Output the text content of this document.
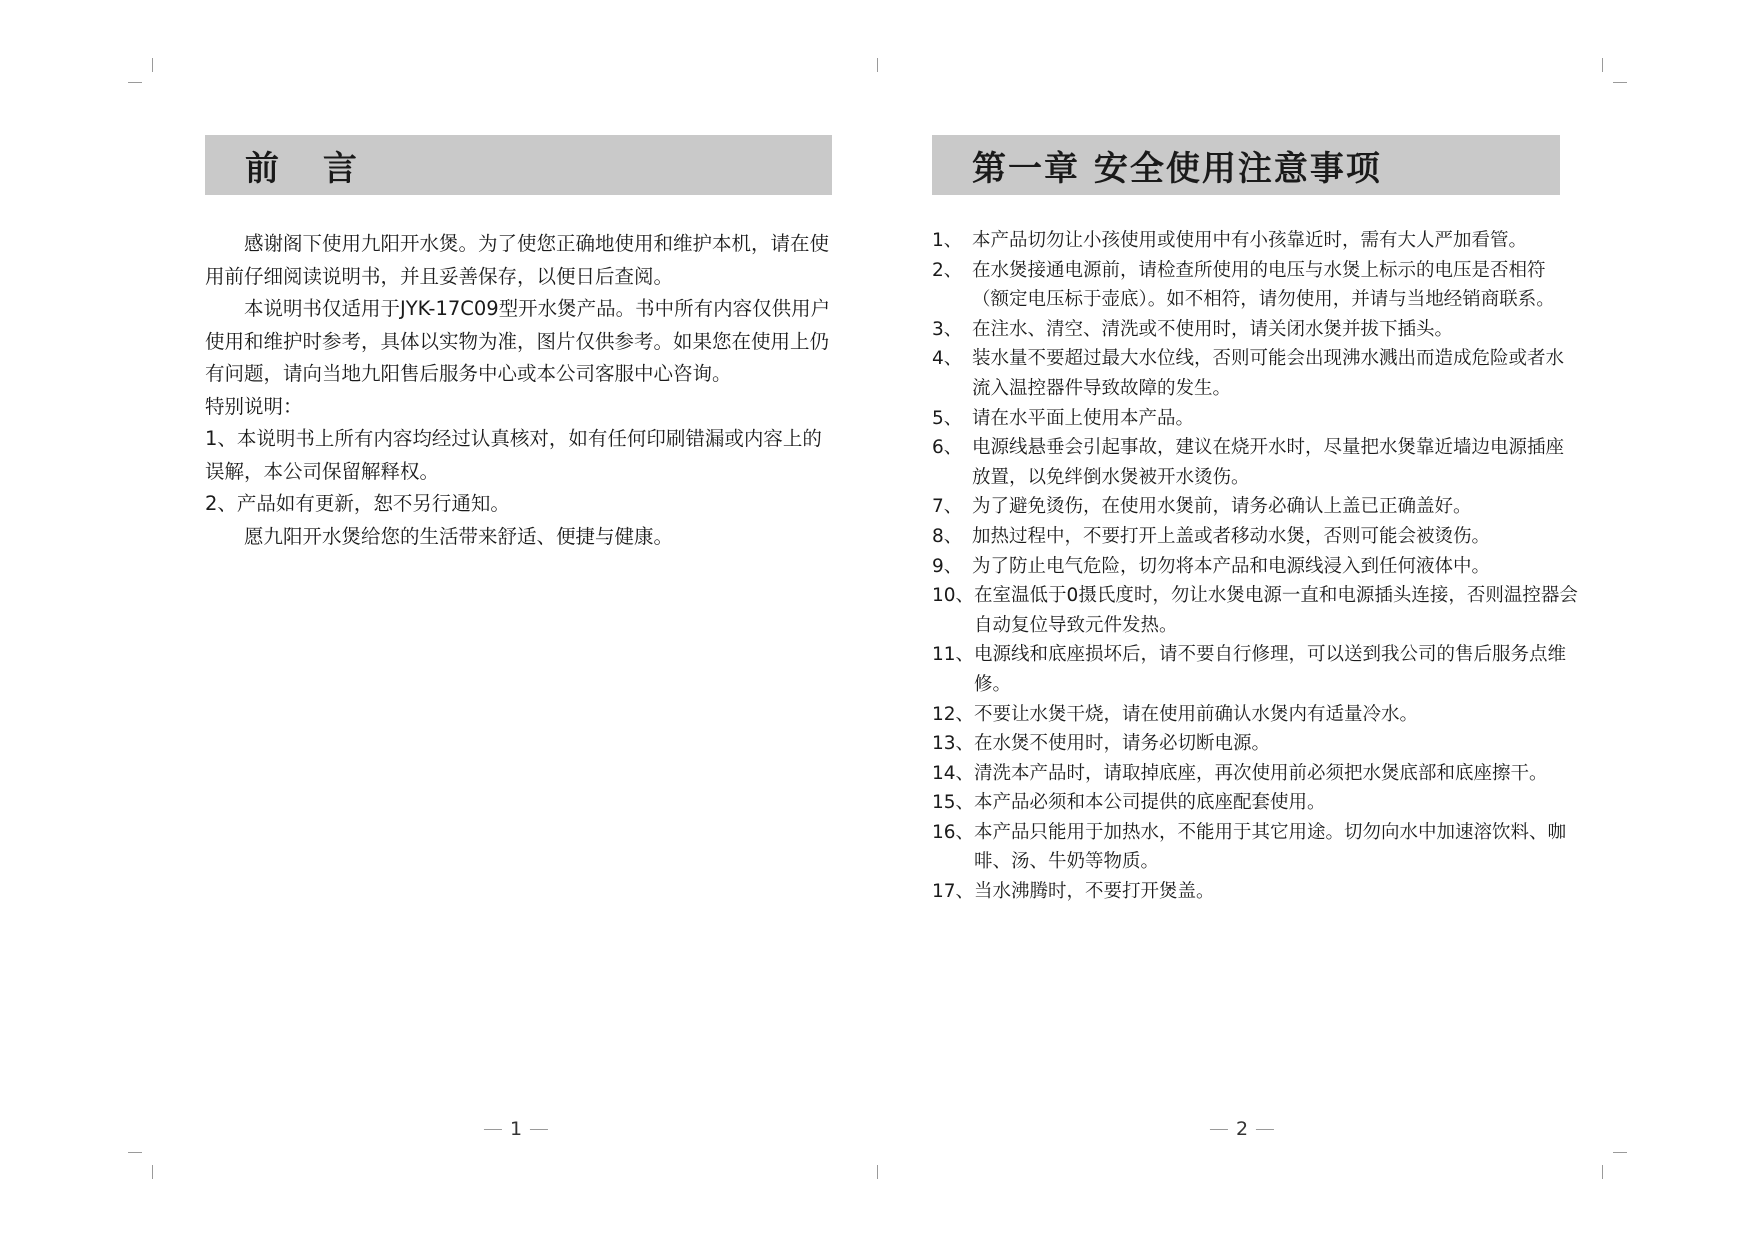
前 言

感谢阁下使用九阳开水煲。为了使您正确地使用和维护本机，请在使用前仔细阅读说明书，并且妥善保存，以便日后查阅。

本说明书仅适用于JYK-17C09型开水煲产品。书中所有内容仅供用户使用和维护时参考，具体以实物为准，图片仅供参考。如果您在使用上仍有问题，请向当地九阳售后服务中心或本公司客服中心咨询。

特别说明：

1、本说明书上所有内容均经过认真核对，如有任何印刷错漏或内容上的误解，本公司保留解释权。

2、产品如有更新，恕不另行通知。

愿九阳开水煲给您的生活带来舒适、便捷与健康。

1
第一章 安全使用注意事项
1、 本产品切勿让小孩使用或使用中有小孩靠近时，需有大人严加看管。
2、 在水煲接通电源前，请检查所使用的电压与水煲上标示的电压是否相符（额定电压标于壶底）。如不相符，请勿使用，并请与当地经销商联系。
3、 在注水、清空、清洗或不使用时，请关闭水煲并拔下插头。
4、 装水量不要超过最大水位线，否则可能会出现沸水溅出而造成危险或者水流入温控器件导致故障的发生。
5、 请在水平面上使用本产品。
6、 电源线悬垂会引起事故，建议在烧开水时，尽量把水煲靠近墙边电源插座放置，以免绊倒水煲被开水烫伤。
7、 为了避免烫伤，在使用水煲前，请务必确认上盖已正确盖好。
8、 加热过程中，不要打开上盖或者移动水煲，否则可能会被烫伤。
9、 为了防止电气危险，切勿将本产品和电源线浸入到任何液体中。
10、 在室温低于0摄氏度时，勿让水煲电源一直和电源插头连接，否则温控器会自动复位导致元件发热。
11、 电源线和底座损坏后，请不要自行修理，可以送到我公司的售后服务点维修。
12、 不要让水煲干烧，请在使用前确认水煲内有适量冷水。
13、 在水煲不使用时，请务必切断电源。
14、 清洗本产品时，请取掉底座，再次使用前必须把水煲底部和底座擦干。
15、 本产品必须和本公司提供的底座配套使用。
16、 本产品只能用于加热水，不能用于其它用途。切勿向水中加速溶饮料、咖啡、汤、牛奶等物质。
17、 当水沸腾时，不要打开煲盖。
2
